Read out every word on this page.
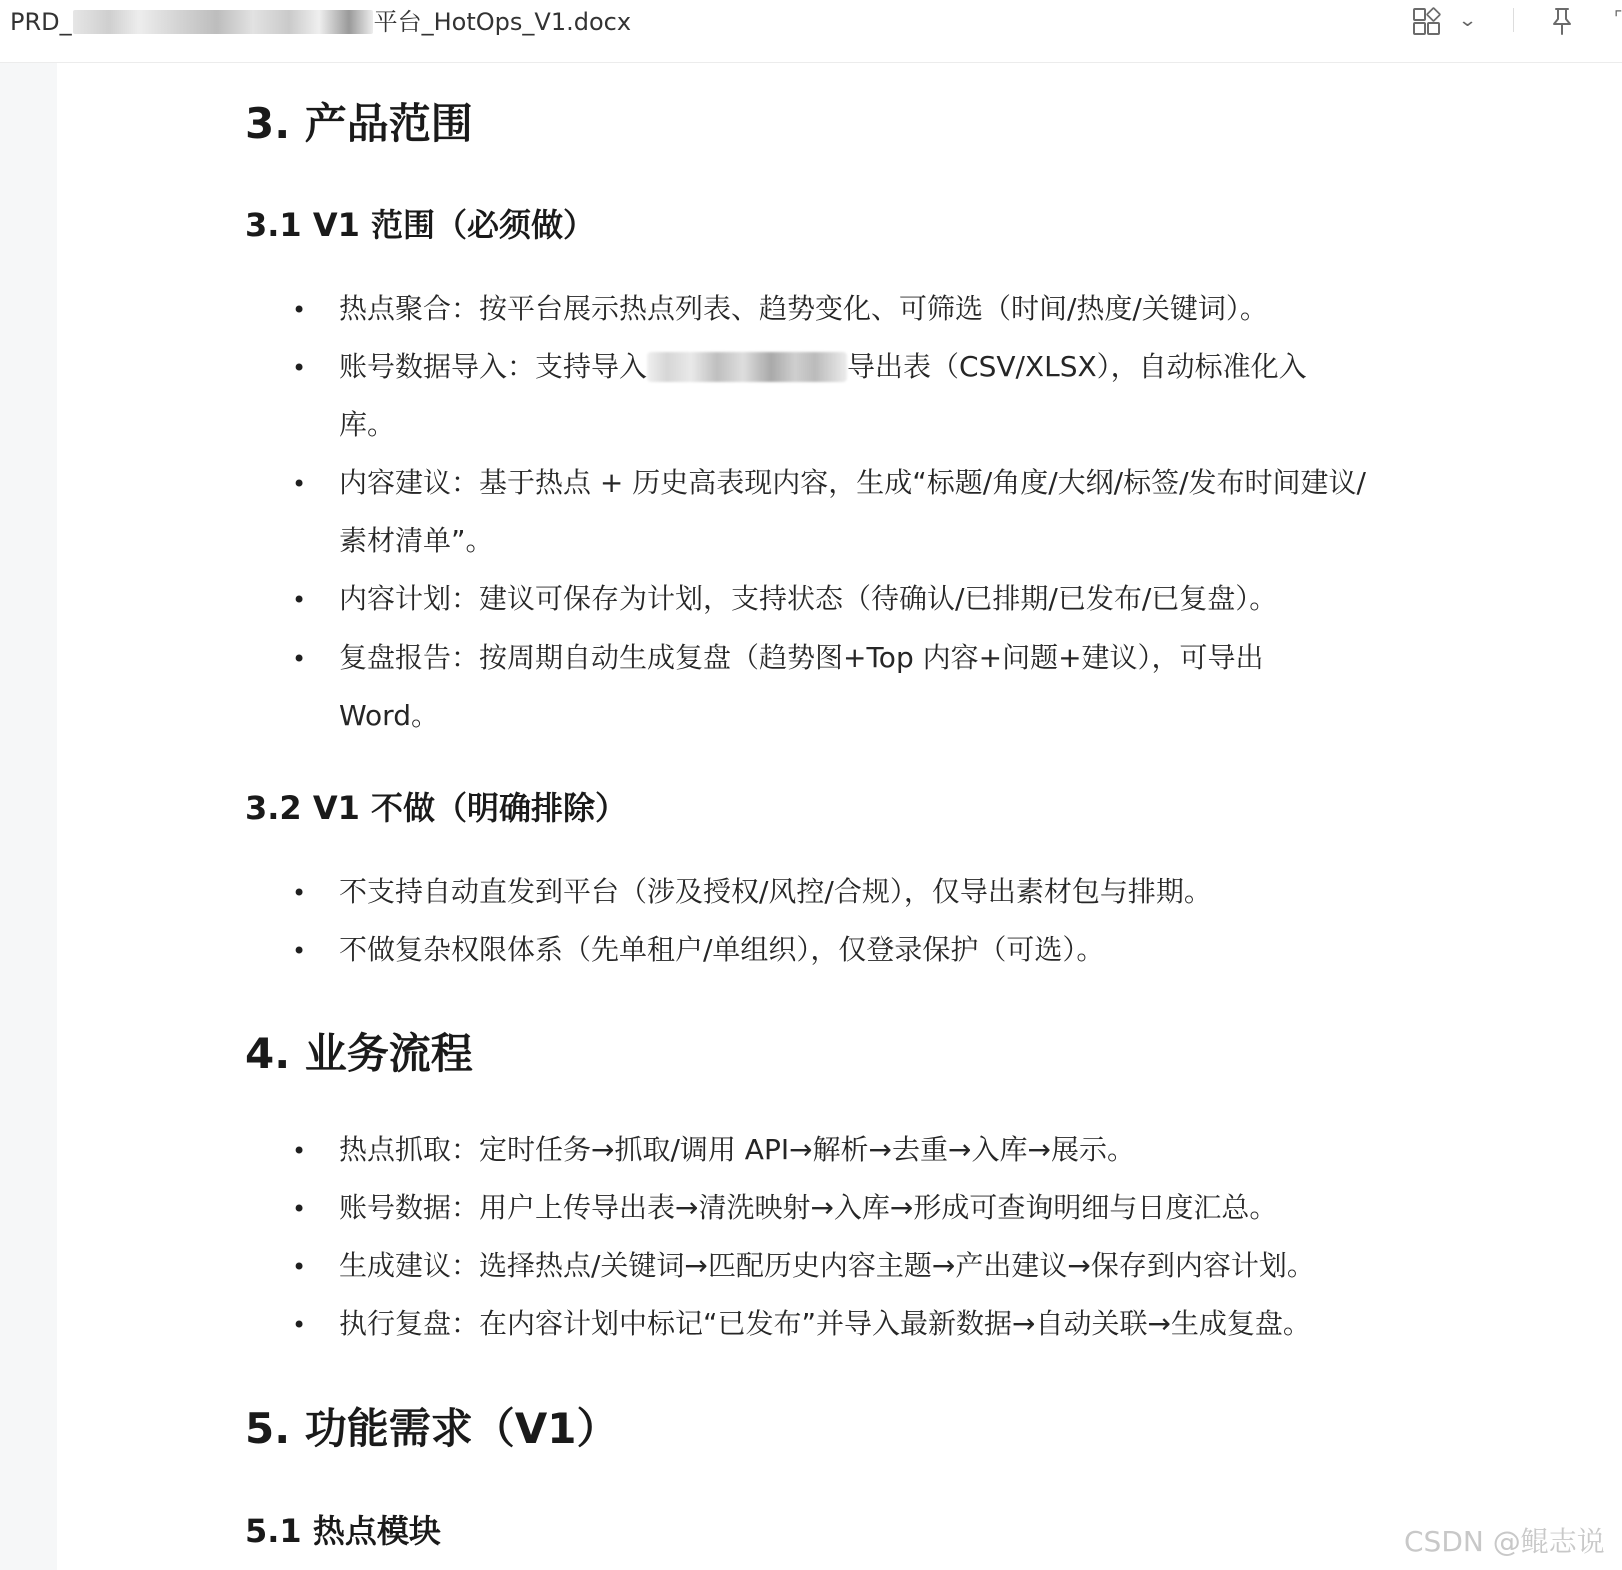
PRD_	平台_HotOps_V1.docx	⌄	⌜
3. 产品范围
3.1 V1 范围（必须做）
• 热点聚合：按平台展示热点列表、趋势变化、可筛选（时间/热度/关键词）。
• 账号数据导入：支持导入	导出表（CSV/XLSX），自动标准化入
库。
• 内容建议：基于热点 + 历史高表现内容，生成“标题/角度/大纲/标签/发布时间建议/
素材清单”。
• 内容计划：建议可保存为计划，支持状态（待确认/已排期/已发布/已复盘）。
• 复盘报告：按周期自动生成复盘（趋势图+Top 内容+问题+建议），可导出
Word。
3.2 V1 不做（明确排除）
• 不支持自动直发到平台（涉及授权/风控/合规），仅导出素材包与排期。
• 不做复杂权限体系（先单租户/单组织），仅登录保护（可选）。
4. 业务流程
• 热点抓取：定时任务→抓取/调用 API→解析→去重→入库→展示。
• 账号数据：用户上传导出表→清洗映射→入库→形成可查询明细与日度汇总。
• 生成建议：选择热点/关键词→匹配历史内容主题→产出建议→保存到内容计划。
• 执行复盘：在内容计划中标记“已发布”并导入最新数据→自动关联→生成复盘。
5. 功能需求（V1）
5.1 热点模块	CSDN @鲲志说
